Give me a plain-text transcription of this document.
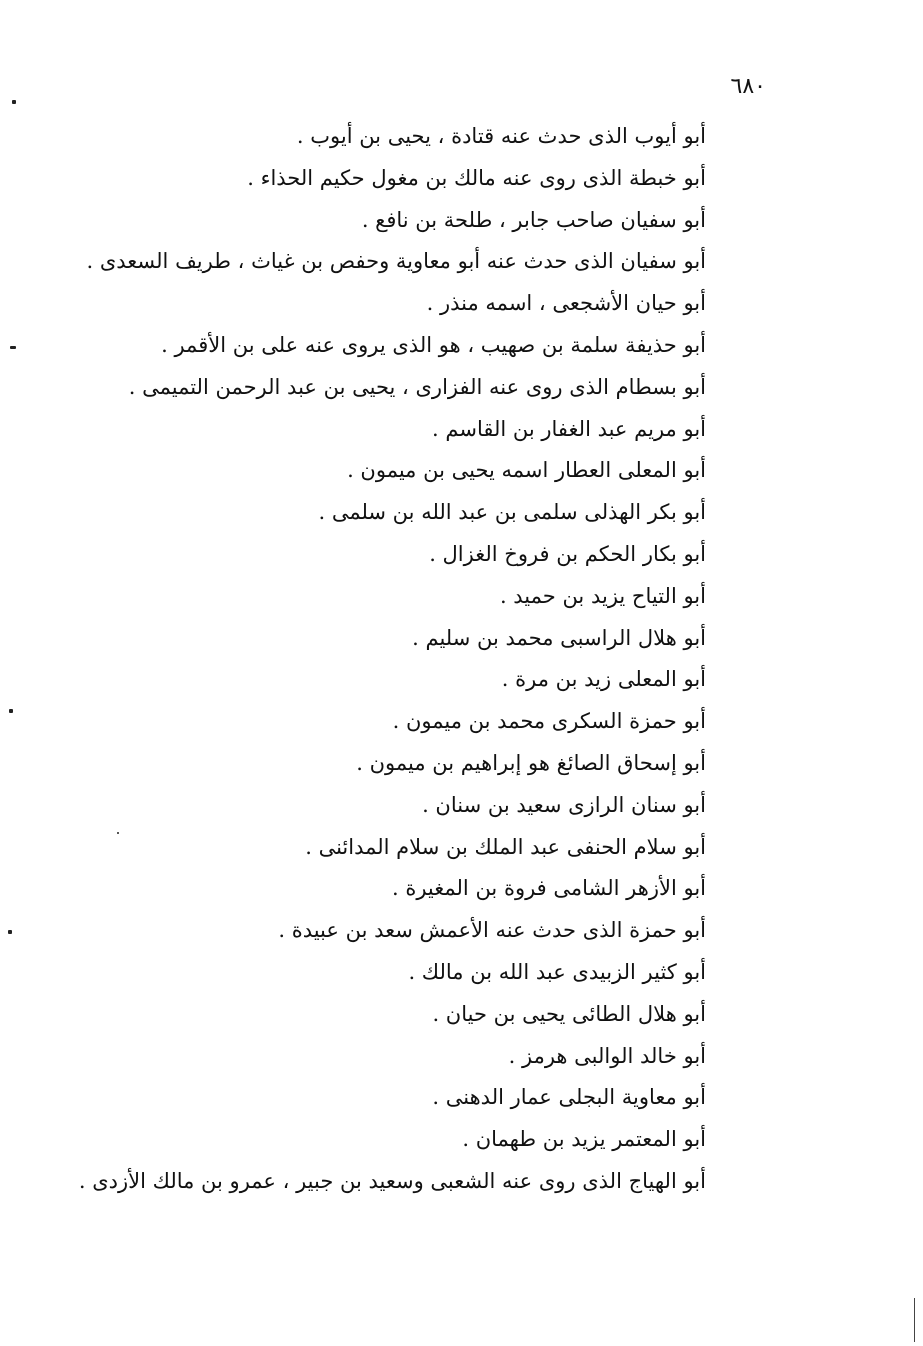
٦٨٠
أبو أيوب الذى حدث عنه قتادة ، يحيى بن أيوب .
أبو خبطة الذى روى عنه مالك بن مغول حكيم الحذاء .
أبو سفيان صاحب جابر ، طلحة بن نافع .
أبو سفيان الذى حدث عنه أبو معاوية وحفص بن غياث ، طريف السعدى .
أبو حيان الأشجعى ، اسمه منذر .
أبو حذيفة سلمة بن صهيب ، هو الذى يروى عنه على بن الأقمر .
أبو بسطام الذى روى عنه الفزارى ، يحيى بن عبد الرحمن التميمى .
أبو مريم عبد الغفار بن القاسم .
أبو المعلى العطار اسمه يحيى بن ميمون .
أبو بكر الهذلى سلمى بن عبد الله بن سلمى .
أبو بكار الحكم بن فروخ الغزال .
أبو التياح يزيد بن حميد .
أبو هلال الراسبى محمد بن سليم .
أبو المعلى زيد بن مرة .
أبو حمزة السكرى محمد بن ميمون .
أبو إسحاق الصائغ هو إبراهيم بن ميمون .
أبو سنان الرازى سعيد بن سنان .
أبو سلام الحنفى عبد الملك بن سلام المدائنى .
أبو الأزهر الشامى فروة بن المغيرة .
أبو حمزة الذى حدث عنه الأعمش سعد بن عبيدة .
أبو كثير الزبيدى عبد الله بن مالك .
أبو هلال الطائى يحيى بن حيان .
أبو خالد الوالبى هرمز .
أبو معاوية البجلى عمار الدهنى .
أبو المعتمر يزيد بن طهمان .
أبو الهياج الذى روى عنه الشعبى وسعيد بن جبير ، عمرو بن مالك الأزدى .
